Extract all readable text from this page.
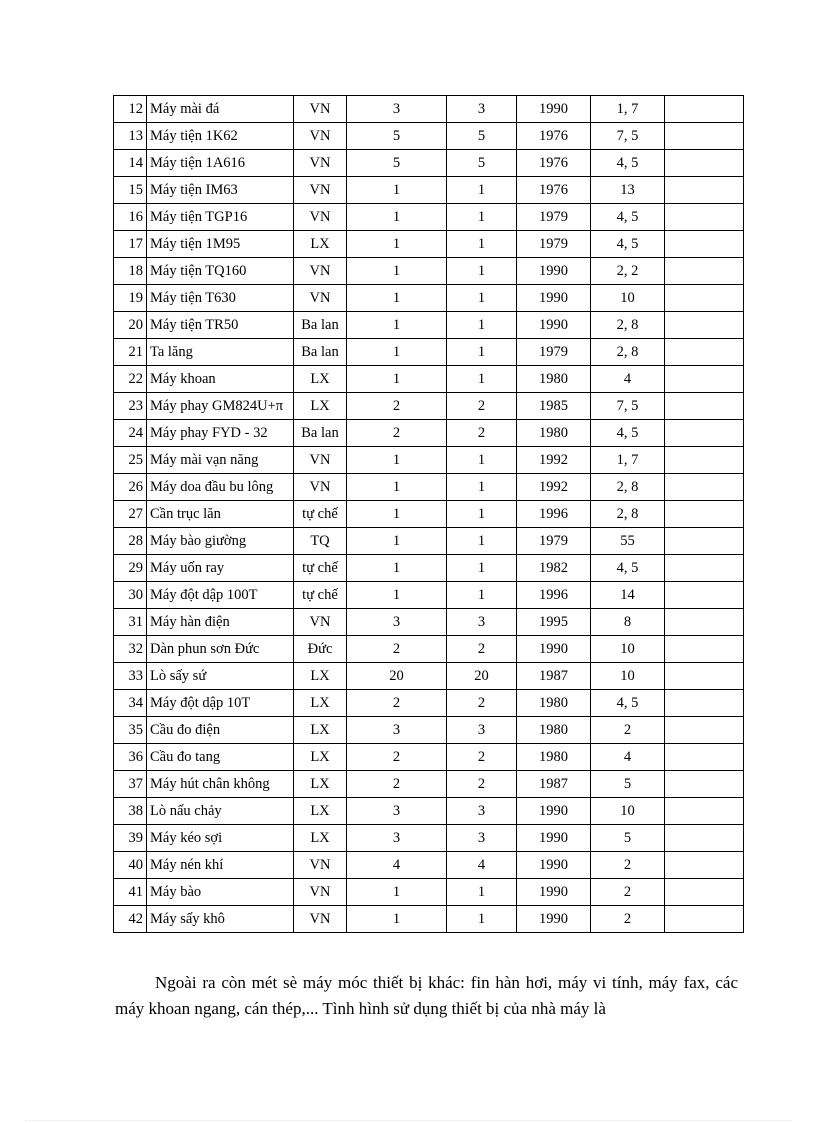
12	Máy mài đá	VN	3	3	1990	1, 7	
13	Máy tiện 1K62	VN	5	5	1976	7, 5	
14	Máy tiện 1A616	VN	5	5	1976	4, 5	
15	Máy tiện IM63	VN	1	1	1976	13	
16	Máy tiện TGP16	VN	1	1	1979	4, 5	
17	Máy tiện 1M95	LX	1	1	1979	4, 5	
18	Máy tiện TQ160	VN	1	1	1990	2, 2	
19	Máy tiện T630	VN	1	1	1990	10	
20	Máy tiện TR50	Ba lan	1	1	1990	2, 8	
21	Ta lăng	Ba lan	1	1	1979	2, 8	
22	Máy khoan	LX	1	1	1980	4	
23	Máy phay GM824U+π	LX	2	2	1985	7, 5	
24	Máy phay FYD - 32	Ba lan	2	2	1980	4, 5	
25	Máy mài vạn năng	VN	1	1	1992	1, 7	
26	Máy doa đầu bu lông	VN	1	1	1992	2, 8	
27	Cần trục lăn	tự chế	1	1	1996	2, 8	
28	Máy bào giường	TQ	1	1	1979	55	
29	Máy uốn ray	tự chế	1	1	1982	4, 5	
30	Máy đột dập 100T	tự chế	1	1	1996	14	
31	Máy hàn điện	VN	3	3	1995	8	
32	Dàn phun sơn Đức	Đức	2	2	1990	10	
33	Lò sấy sứ	LX	20	20	1987	10	
34	Máy đột dập 10T	LX	2	2	1980	4, 5	
35	Cầu đo điện	LX	3	3	1980	2	
36	Cầu đo tang	LX	2	2	1980	4	
37	Máy hút chân không	LX	2	2	1987	5	
38	Lò nấu chảy	LX	3	3	1990	10	
39	Máy kéo sợi	LX	3	3	1990	5	
40	Máy nén khí	VN	4	4	1990	2	
41	Máy bào	VN	1	1	1990	2	
42	Máy sấy khô	VN	1	1	1990	2	

Ngoài ra còn mét sè máy móc thiết bị khác: fin hàn hơi, máy vi tính, máy fax, các máy khoan ngang, cán thép,... Tình hình sử dụng thiết bị của nhà máy là
